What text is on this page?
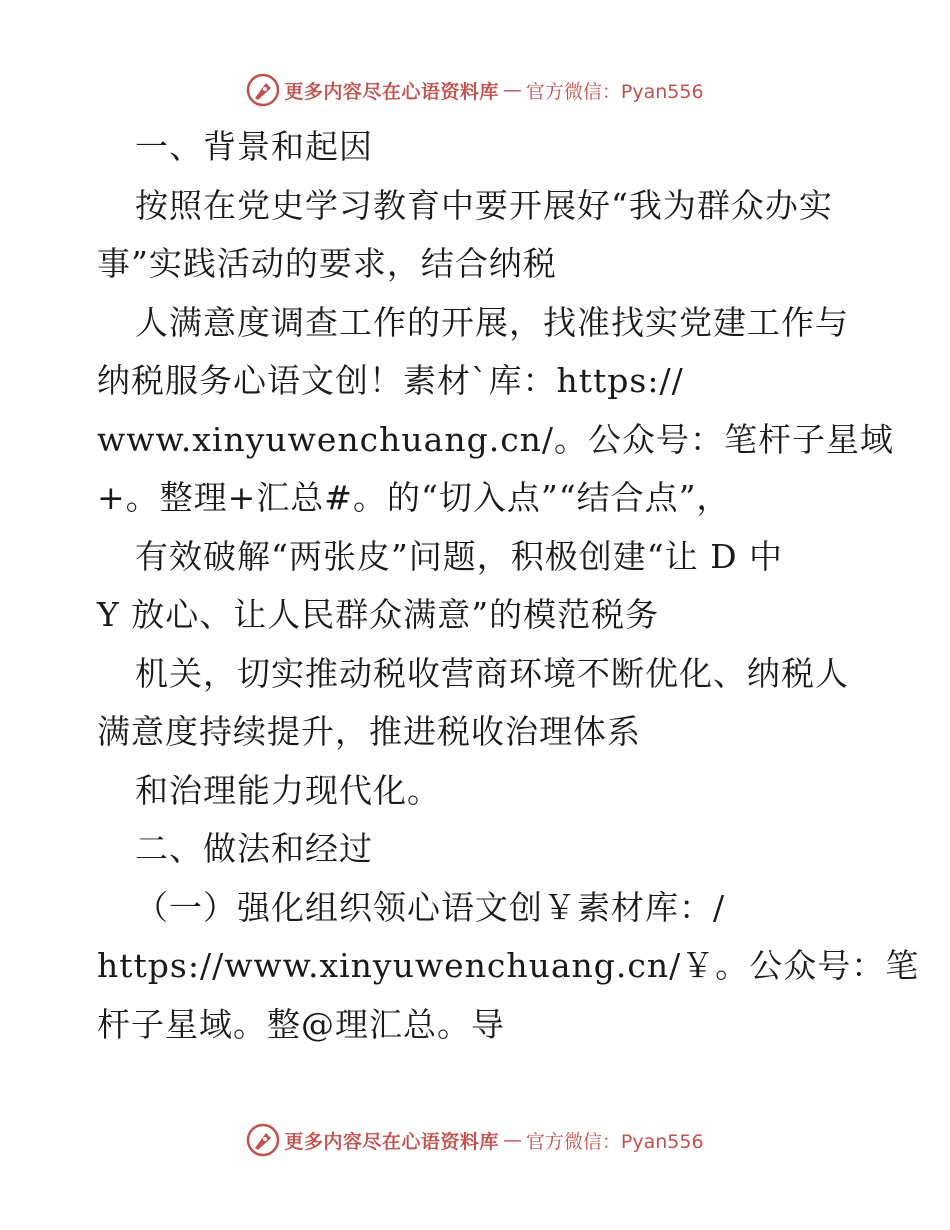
更多内容尽在心语资料库 — 官方微信：Pyan556
一、背景和起因
按照在党史学习教育中要开展好“我为群众办实
事”实践活动的要求，结合纳税
人满意度调查工作的开展，找准找实党建工作与
纳税服务心语文创！素材`库：https://
www.xinyuwenchuang.cn/。公众号：笔杆子星域
+。整理+汇总#。的“切入点”“结合点”，
有效破解“两张皮”问题，积极创建“让 D 中
Y 放心、让人民群众满意”的模范税务
机关，切实推动税收营商环境不断优化、纳税人
满意度持续提升，推进税收治理体系
和治理能力现代化。
二、做法和经过
（一）强化组织领心语文创￥素材库：/
https://www.xinyuwenchuang.cn/￥。公众号：笔
杆子星域。整@理汇总。导
更多内容尽在心语资料库 — 官方微信：Pyan556
